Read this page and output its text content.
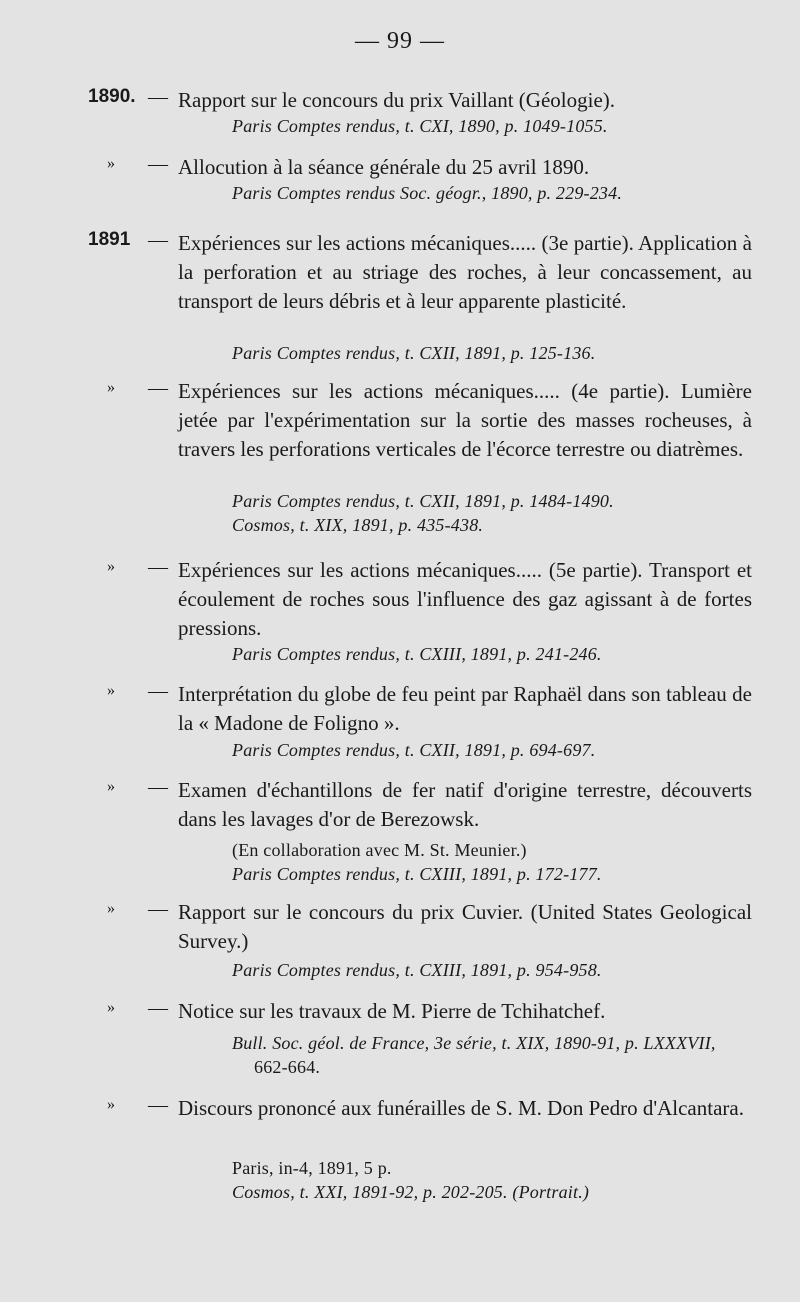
— 99 —
1890. — Rapport sur le concours du prix Vaillant (Géologie).
Paris Comptes rendus, t. CXI, 1890, p. 1049-1055.
» — Allocution à la séance générale du 25 avril 1890.
Paris Comptes rendus Soc. géogr., 1890, p. 229-234.
1891 — Expériences sur les actions mécaniques..... (3e partie). Application à la perforation et au striage des roches, à leur concassement, au transport de leurs débris et à leur apparente plasticité.
Paris Comptes rendus, t. CXII, 1891, p. 125-136.
» — Expériences sur les actions mécaniques..... (4e partie). Lumière jetée par l'expérimentation sur la sortie des masses rocheuses, à travers les perforations verticales de l'écorce terrestre ou diatrèmes.
Paris Comptes rendus, t. CXII, 1891, p. 1484-1490.
Cosmos, t. XIX, 1891, p. 435-438.
» — Expériences sur les actions mécaniques..... (5e partie). Transport et écoulement de roches sous l'influence des gaz agissant à de fortes pressions.
Paris Comptes rendus, t. CXIII, 1891, p. 241-246.
» — Interprétation du globe de feu peint par Raphaël dans son tableau de la « Madone de Foligno ».
Paris Comptes rendus, t. CXII, 1891, p. 694-697.
» — Examen d'échantillons de fer natif d'origine terrestre, découverts dans les lavages d'or de Berezowsk.
(En collaboration avec M. St. Meunier.)
Paris Comptes rendus, t. CXIII, 1891, p. 172-177.
» — Rapport sur le concours du prix Cuvier. (United States Geological Survey.)
Paris Comptes rendus, t. CXIII, 1891, p. 954-958.
» — Notice sur les travaux de M. Pierre de Tchihatchef.
Bull. Soc. géol. de France, 3e série, t. XIX, 1890-91, p. LXXXVII,
662-664.
» — Discours prononcé aux funérailles de S. M. Don Pedro d'Alcantara.
Paris, in-4, 1891, 5 p.
Cosmos, t. XXI, 1891-92, p. 202-205. (Portrait.)
